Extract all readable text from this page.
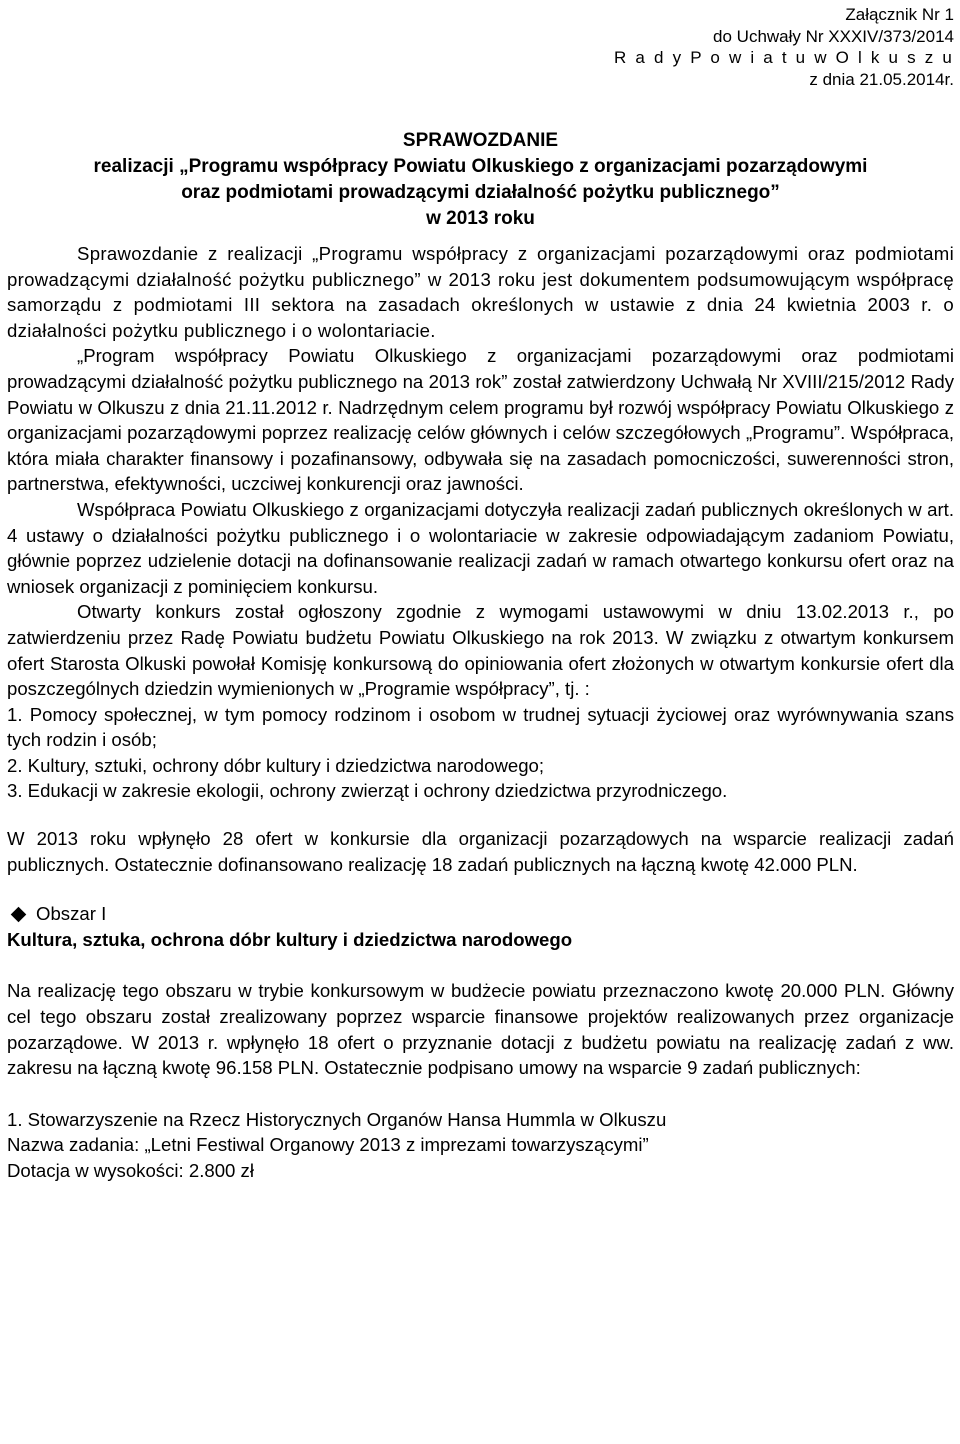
Załącznik Nr 1
do Uchwały Nr XXXIV/373/2014
R a d y P o w i a t u w O l k u s z u
z dnia 21.05.2014r.
SPRAWOZDANIE
realizacji „Programu współpracy Powiatu Olkuskiego z organizacjami pozarządowymi
oraz podmiotami prowadzącymi działalność pożytku publicznego”
w 2013 roku

Sprawozdanie z realizacji „Programu współpracy z organizacjami pozarządowymi oraz podmiotami prowadzącymi działalność pożytku publicznego” w 2013 roku jest dokumentem podsumowującym współpracę samorządu z podmiotami III sektora na zasadach określonych w ustawie z dnia 24 kwietnia 2003 r. o działalności pożytku publicznego i o wolontariacie.

„Program współpracy Powiatu Olkuskiego z organizacjami pozarządowymi oraz podmiotami prowadzącymi działalność pożytku publicznego na 2013 rok” został zatwierdzony Uchwałą Nr XVIII/215/2012 Rady Powiatu w Olkuszu z dnia 21.11.2012 r. Nadrzędnym celem programu był rozwój współpracy Powiatu Olkuskiego z organizacjami pozarządowymi poprzez realizację celów głównych i celów szczegółowych „Programu”. Współpraca, która miała charakter finansowy i pozafinansowy, odbywała się na zasadach pomocniczości, suwerenności stron, partnerstwa, efektywności, uczciwej konkurencji oraz jawności.

Współpraca Powiatu Olkuskiego z organizacjami dotyczyła realizacji zadań publicznych określonych w art. 4 ustawy o działalności pożytku publicznego i o wolontariacie w zakresie odpowiadającym zadaniom Powiatu, głównie poprzez udzielenie dotacji na dofinansowanie realizacji zadań w ramach otwartego konkursu ofert oraz na wniosek organizacji z pominięciem konkursu.

Otwarty konkurs został ogłoszony zgodnie z wymogami ustawowymi w dniu 13.02.2013 r., po zatwierdzeniu przez Radę Powiatu budżetu Powiatu Olkuskiego na rok 2013. W związku z otwartym konkursem ofert Starosta Olkuski powołał Komisję konkursową do opiniowania ofert złożonych w otwartym konkursie ofert dla poszczególnych dziedzin wymienionych w „Programie współpracy”, tj. :

1. Pomocy społecznej, w tym pomocy rodzinom i osobom w trudnej sytuacji życiowej oraz wyrównywania szans tych rodzin i osób;

2. Kultury, sztuki, ochrony dóbr kultury i dziedzictwa narodowego;

3. Edukacji w zakresie ekologii, ochrony zwierząt i ochrony dziedzictwa przyrodniczego.

W 2013 roku wpłynęło 28 ofert w konkursie dla organizacji pozarządowych na wsparcie realizacji zadań publicznych. Ostatecznie dofinansowano realizację 18 zadań publicznych na łączną kwotę 42.000 PLN.

Obszar I
Kultura, sztuka, ochrona dóbr kultury i dziedzictwa narodowego

Na realizację tego obszaru w trybie konkursowym w budżecie powiatu przeznaczono kwotę 20.000 PLN. Główny cel tego obszaru został zrealizowany poprzez wsparcie finansowe projektów realizowanych przez organizacje pozarządowe. W 2013 r. wpłynęło 18 ofert o przyznanie dotacji z budżetu powiatu na realizację zadań z ww. zakresu na łączną kwotę 96.158 PLN. Ostatecznie podpisano umowy na wsparcie 9 zadań publicznych:

1. Stowarzyszenie na Rzecz Historycznych Organów Hansa Hummla w Olkuszu
Nazwa zadania: „Letni Festiwal Organowy 2013 z imprezami towarzyszącymi”
Dotacja w wysokości: 2.800 zł
